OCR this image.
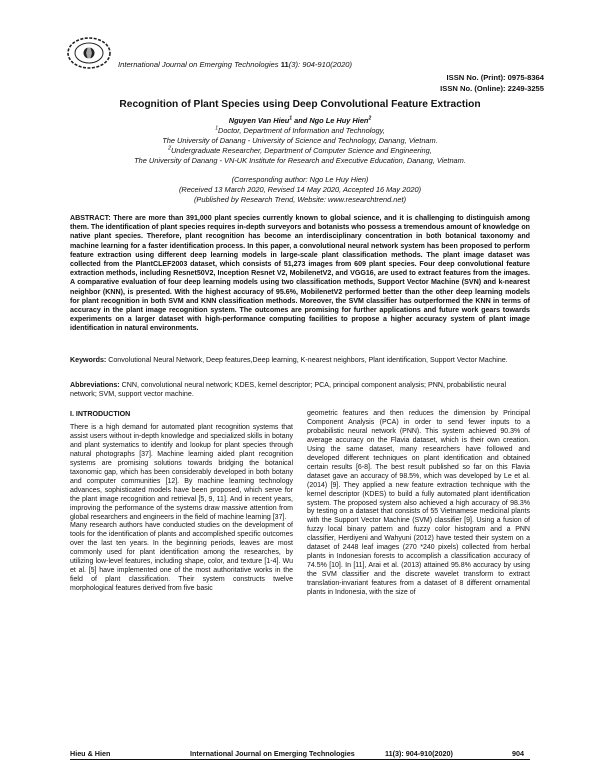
International Journal on Emerging Technologies 11(3): 904-910(2020)
ISSN No. (Print): 0975-8364
ISSN No. (Online): 2249-3255
Recognition of Plant Species using Deep Convolutional Feature Extraction
Nguyen Van Hieu$^1$ and Ngo Le Huy Hien$^2$
$^1$Doctor, Department of Information and Technology,
The University of Danang - University of Science and Technology, Danang, Vietnam.
$^2$Undergraduate Researcher, Department of Computer Science and Engineering,
The University of Danang - VN-UK Institute for Research and Executive Education, Danang, Vietnam.
(Corresponding author: Ngo Le Huy Hien)
(Received 13 March 2020, Revised 14 May 2020, Accepted 16 May 2020)
(Published by Research Trend, Website: www.researchtrend.net)
ABSTRACT: There are more than 391,000 plant species currently known to global science, and it is challenging to distinguish among them. The identification of plant species requires in-depth surveyors and botanists who possess a tremendous amount of knowledge on native plant species. Therefore, plant recognition has become an interdisciplinary concentration in both botanical taxonomy and machine learning for a faster identification process. In this paper, a convolutional neural network system has been proposed to perform feature extraction using different deep learning models in large-scale plant classification methods. The plant image dataset was collected from the PlantCLEF2003 dataset, which consists of 51,273 images from 609 plant species. Four deep convolutional feature extraction methods, including Resnet50V2, Inception Resnet V2, MobilenetV2, and VGG16, are used to extract features from the images. A comparative evaluation of four deep learning models using two classification methods, Support Vector Machine (SVN) and k-nearest neighbor (KNN), is presented. With the highest accuracy of 95.6%, MobilenetV2 performed better than the other deep learning models for plant recognition in both SVM and KNN classification methods. Moreover, the SVM classifier has outperformed the KNN in terms of accuracy in the plant image recognition system. The outcomes are promising for further applications and future work gears towards experiments on a larger dataset with high-performance computing facilities to propose a higher accuracy system of plant image identification in natural environments.
Keywords: Convolutional Neural Network, Deep features,Deep learning, K-nearest neighbors, Plant identification, Support Vector Machine.
Abbreviations: CNN, convolutional neural network; KDES, kernel descriptor; PCA, principal component analysis; PNN, probabilistic neural network; SVM, support vector machine.
I. INTRODUCTION

There is a high demand for automated plant recognition systems that assist users without in-depth knowledge and specialized skills in botany and plant systematics to identify and lookup for plant species through natural photographs [37]. Machine learning aided plant recognition systems are promising solutions towards bridging the botanical taxonomic gap, which has been considerably developed in both botany and computer communities [12]. By machine learning technology advances, sophisticated models have been proposed, which serve for the plant image recognition and retrieval [5, 9, 11]. And in recent years, improving the performance of the systems draw massive attention from global researchers and engineers in the field of machine learning [37].

Many research authors have conducted studies on the development of tools for the identification of plants and accomplished specific outcomes over the last ten years. In the beginning periods, leaves are most commonly used for plant identification among the researches, by utilizing low-level features, including shape, color, and texture [1-4]. Wu et al. [5] have implemented one of the most authoritative works in the field of plant classification. Their system constructs twelve morphological features derived from five basic

geometric features and then reduces the dimension by Principal Component Analysis (PCA) in order to send fewer inputs to a probabilistic neural network (PNN). This system achieved 90.3% of average accuracy on the Flavia dataset, which is their own creation. Using the same dataset, many researchers have followed and developed different techniques on plant identification and obtained certain results [6-8]. The best result published so far on this Flavia dataset gave an accuracy of 98.5%, which was developed by Le et al. (2014) [9]. They applied a new feature extraction technique with the kernel descriptor (KDES) to build a fully automated plant identification system. The proposed system also achieved a high accuracy of 98.3% by testing on a dataset that consists of 55 Vietnamese medicinal plants with the Support Vector Machine (SVM) classifier [9]. Using a fusion of fuzzy local binary pattern and fuzzy color histogram and a PNN classifier, Herdiyeni and Wahyuni (2012) have tested their system on a dataset of 2448 leaf images (270 *240 pixels) collected from herbal plants in Indonesian forests to accomplish a classification accuracy of 74.5% [10]. In [11], Arai et al. (2013) attained 95.8% accuracy by using the SVM classifier and the discrete wavelet transform to extract translation-invariant features from a dataset of 8 different ornamental plants in Indonesia, with the size of

Hieu & Hien	International Journal on Emerging Technologies	11(3): 904-910(2020)	904
